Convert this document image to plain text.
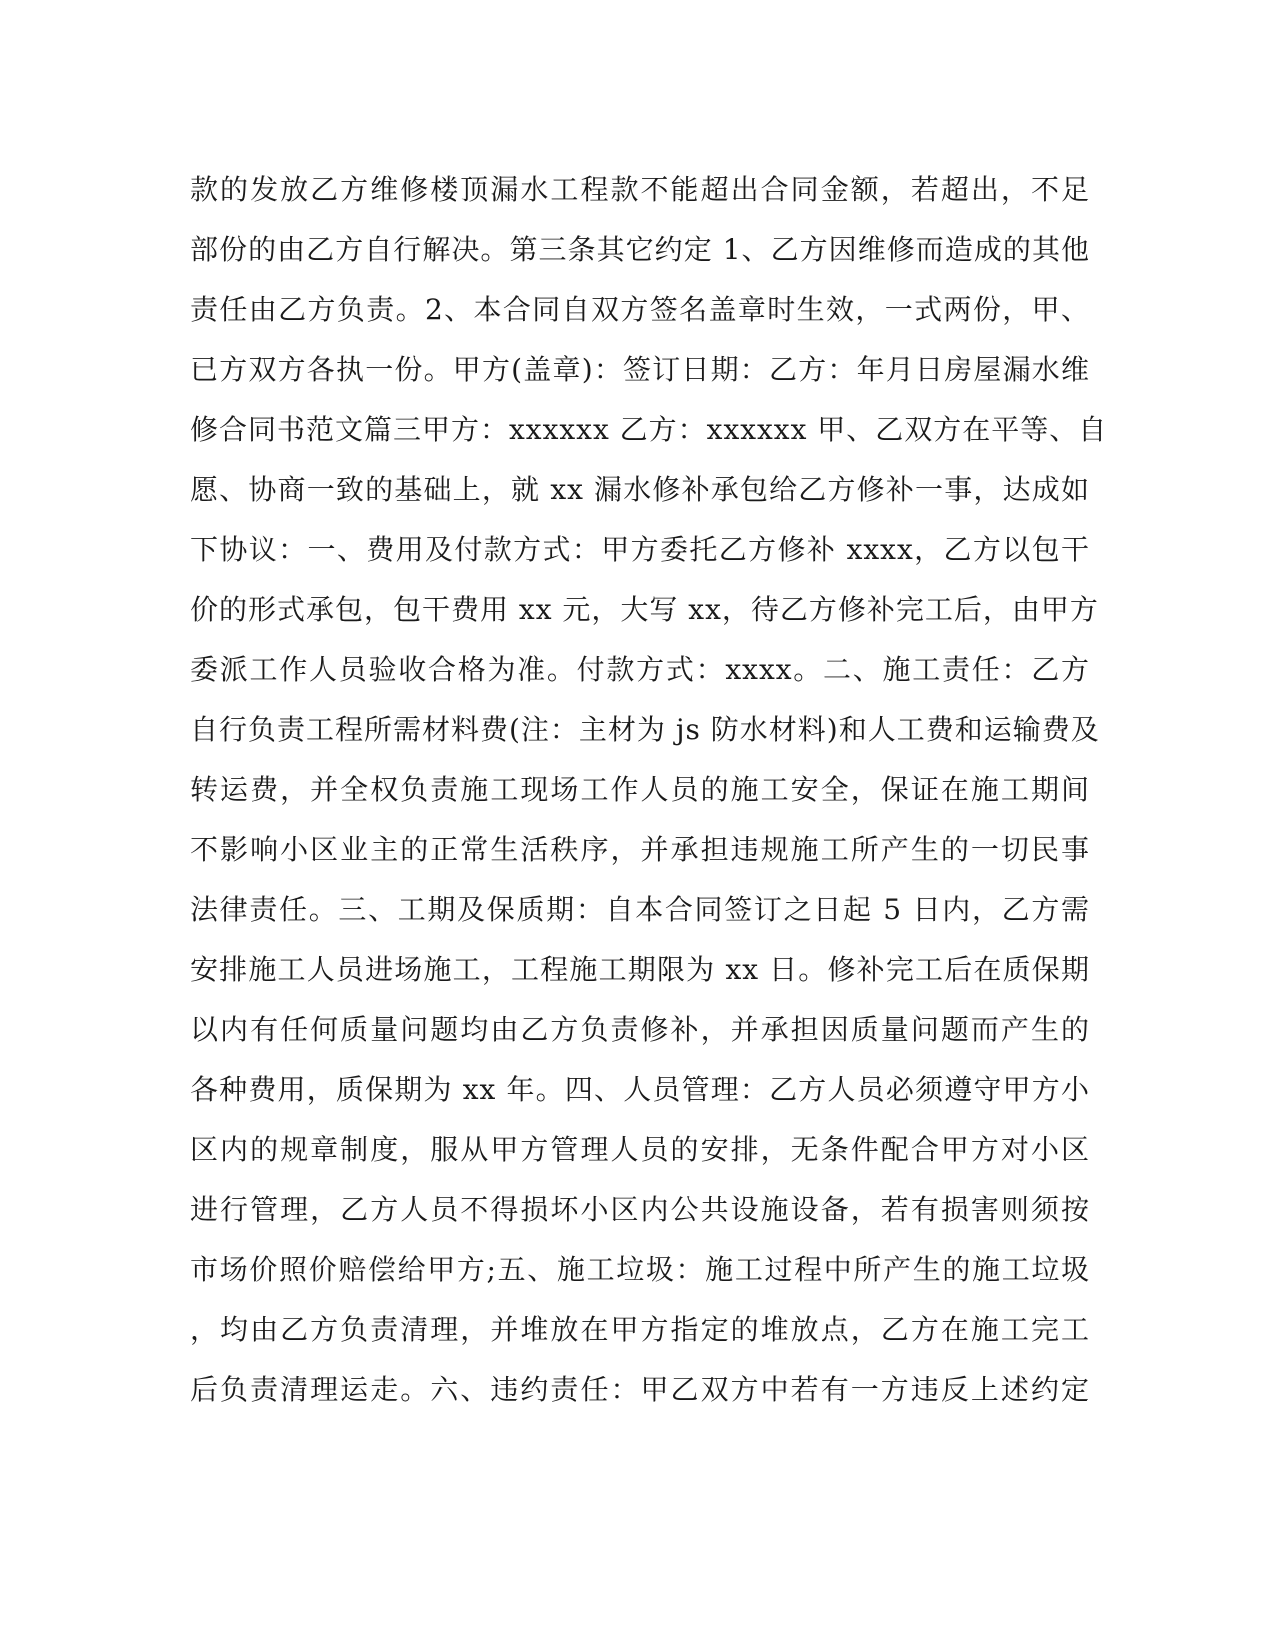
款的发放乙方维修楼顶漏水工程款不能超出合同金额，若超出，不足
部份的由乙方自行解决。第三条其它约定 1、乙方因维修而造成的其他
责任由乙方负责。2、本合同自双方签名盖章时生效，一式两份，甲、
已方双方各执一份。甲方(盖章)：签订日期：乙方：年月日房屋漏水维
修合同书范文篇三甲方：xxxxxx 乙方：xxxxxx 甲、乙双方在平等、自
愿、协商一致的基础上，就 xx 漏水修补承包给乙方修补一事，达成如
下协议：一、费用及付款方式：甲方委托乙方修补 xxxx，乙方以包干
价的形式承包，包干费用 xx 元，大写 xx，待乙方修补完工后，由甲方
委派工作人员验收合格为准。付款方式：xxxx。二、施工责任：乙方
自行负责工程所需材料费(注：主材为 js 防水材料)和人工费和运输费及
转运费，并全权负责施工现场工作人员的施工安全，保证在施工期间
不影响小区业主的正常生活秩序，并承担违规施工所产生的一切民事
法律责任。三、工期及保质期：自本合同签订之日起 5 日内，乙方需
安排施工人员进场施工，工程施工期限为 xx 日。修补完工后在质保期
以内有任何质量问题均由乙方负责修补，并承担因质量问题而产生的
各种费用，质保期为 xx 年。四、人员管理：乙方人员必须遵守甲方小
区内的规章制度，服从甲方管理人员的安排，无条件配合甲方对小区
进行管理，乙方人员不得损坏小区内公共设施设备，若有损害则须按
市场价照价赔偿给甲方;五、施工垃圾：施工过程中所产生的施工垃圾
，均由乙方负责清理，并堆放在甲方指定的堆放点，乙方在施工完工
后负责清理运走。六、违约责任：甲乙双方中若有一方违反上述约定
